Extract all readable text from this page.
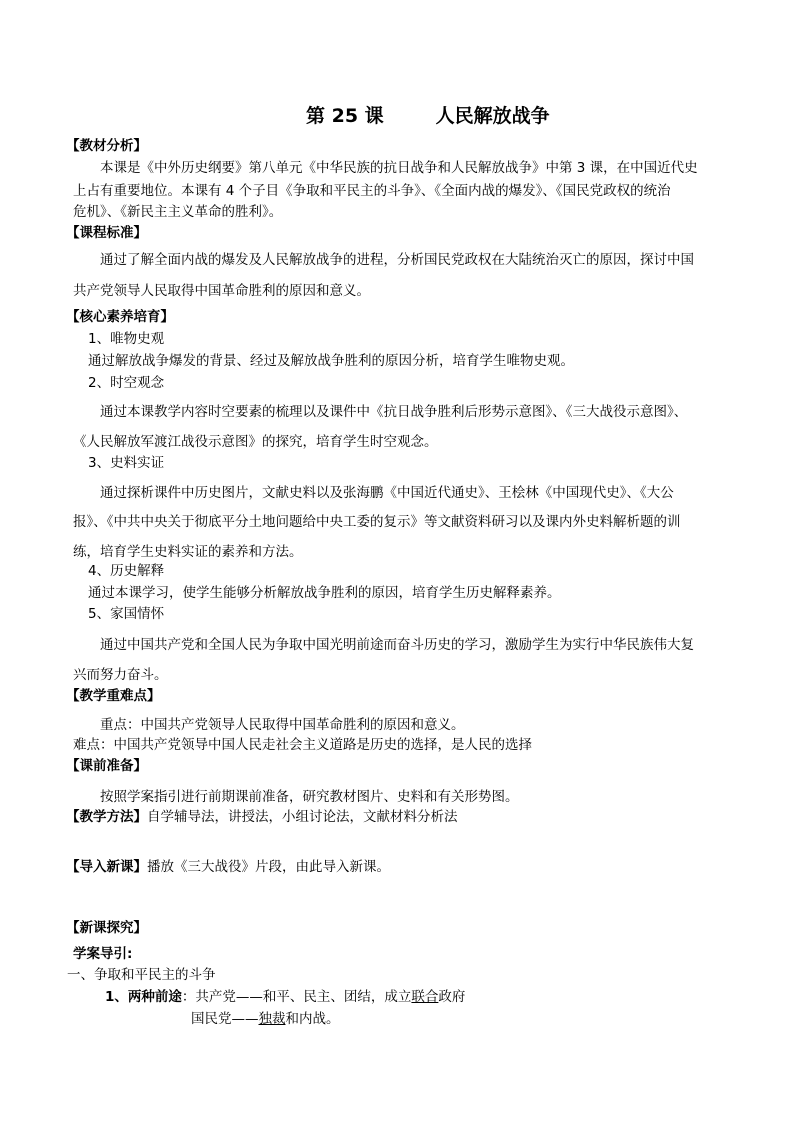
第 25 课	人民解放战争
【教材分析】
本课是《中外历史纲要》第八单元《中华民族的抗日战争和人民解放战争》中第 3 课，在中国近代史
上占有重要地位。本课有 4 个子目《争取和平民主的斗争》、《全面内战的爆发》、《国民党政权的统治
危机》、《新民主主义革命的胜利》。
【课程标准】
通过了解全面内战的爆发及人民解放战争的进程，分析国民党政权在大陆统治灭亡的原因，探讨中国
共产党领导人民取得中国革命胜利的原因和意义。
【核心素养培育】
1、唯物史观
通过解放战争爆发的背景、经过及解放战争胜利的原因分析，培育学生唯物史观。
2、时空观念
通过本课教学内容时空要素的梳理以及课件中《抗日战争胜利后形势示意图》、《三大战役示意图》、
《人民解放军渡江战役示意图》的探究，培育学生时空观念。
3、史料实证
通过探析课件中历史图片，文献史料以及张海鹏《中国近代通史》、王桧林《中国现代史》、《大公
报》、《中共中央关于彻底平分土地问题给中央工委的复示》等文献资料研习以及课内外史料解析题的训
练，培育学生史料实证的素养和方法。
4、历史解释
通过本课学习，使学生能够分析解放战争胜利的原因，培育学生历史解释素养。
5、家国情怀
通过中国共产党和全国人民为争取中国光明前途而奋斗历史的学习，激励学生为实行中华民族伟大复
兴而努力奋斗。
【教学重难点】
重点：中国共产党领导人民取得中国革命胜利的原因和意义。
难点：中国共产党领导中国人民走社会主义道路是历史的选择，是人民的选择
【课前准备】
按照学案指引进行前期课前准备，研究教材图片、史料和有关形势图。
【教学方法】自学辅导法，讲授法，小组讨论法，文献材料分析法
【导入新课】播放《三大战役》片段，由此导入新课。
【新课探究】
学案导引:
一、争取和平民主的斗争
1、两种前途：共产党——和平、民主、团结，成立联合政府
国民党——独裁和内战。
